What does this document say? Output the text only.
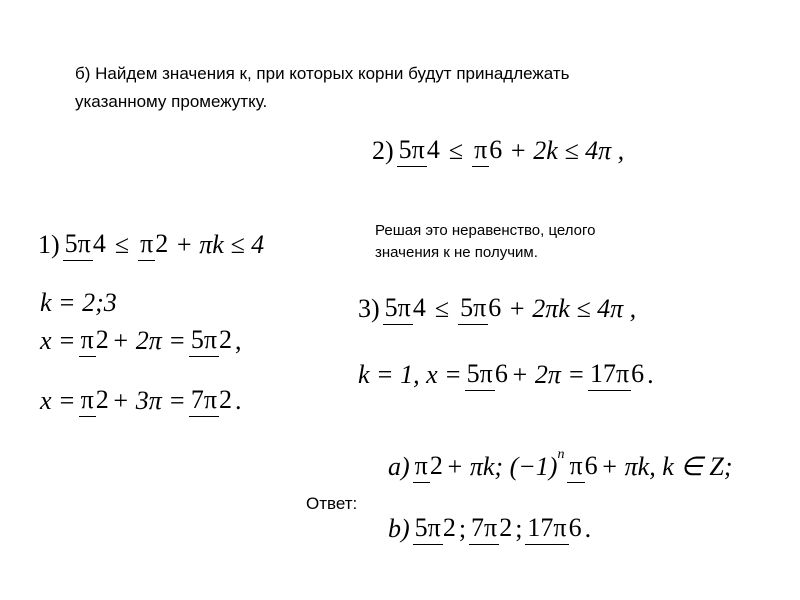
б) Найдем значения к, при которых корни будут принадлежать
указанному промежутку.
2) 5π4 ≤ π6 + 2k ≤ 4π ,
Решая это неравенство, целого
значения к не получим.
1) 5π4 ≤ π2 + πk ≤ 4
k = 2;3
x = π2 + 2π = 5π2 ,
x = π2 + 3π = 7π2 .
3) 5π4 ≤ 5π6 + 2πk ≤ 4π ,
k = 1, x = 5π6 + 2π = 17π6 .
Ответ:
a) π2 + πk; (−1) n π6 + πk, k ∈ Z;
b) 5π2 ; 7π2 ; 17π6 .
